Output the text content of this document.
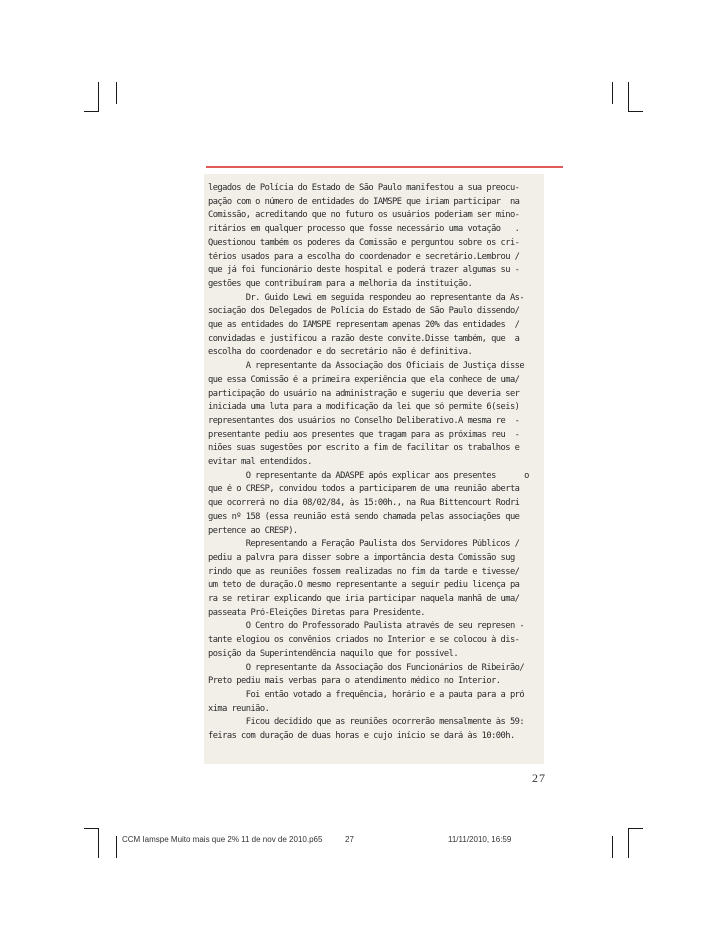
legados de Polícia do Estado de São Paulo manifestou a sua preocu-
pação com o número de entidades do IAMSPE que iriam participar  na
Comissão, acreditando que no futuro os usuários poderiam ser mino-
ritários em qualquer processo que fosse necessário uma votação   .
Questionou também os poderes da Comissão e perguntou sobre os cri-
térios usados para a escolha do coordenador e secretário.Lembrou /
que já foi funcionário deste hospital e poderá trazer algumas su -
gestões que contribuíram para a melhoria da instituição.
Dr. Guido Lewi em seguida respondeu ao representante da As-
sociação dos Delegados de Polícia do Estado de São Paulo dissendo/
que as entidades do IAMSPE representam apenas 20% das entidades  /
convidadas e justificou a razão deste convite.Disse também, que  a
escolha do coordenador e do secretário não é definitiva.
A representante da Associação dos Oficiais de Justiça disse
que essa Comissão é a primeira experiência que ela conhece de uma/
participação do usuário na administração e sugeriu que deveria ser
iniciada uma luta para a modificação da lei que só permite 6(seis)
representantes dos usuários no Conselho Deliberativo.A mesma re  -
presentante pediu aos presentes que tragam para as próximas reu  -
niões suas sugestões por escrito a fim de facilitar os trabalhos e
evitar mal entendidos.
O representante da ADASPE após explicar aos presentes      o
que é o CRESP, convidou todos a participarem de uma reunião aberta
que ocorrerá no dia 08/02/84, às 15:00h., na Rua Bittencourt Rodri
gues nº 158 (essa reunião está sendo chamada pelas associações que
pertence ao CRESP).
Representando a Feração Paulista dos Servidores Públicos /
pediu a palvra para disser sobre a importância desta Comissão sug
rindo que as reuniões fossem realizadas no fim da tarde e tivesse/
um teto de duração.O mesmo representante a seguir pediu licença pa
ra se retirar explicando que iria participar naquela manhã de uma/
passeata Pró-Eleições Diretas para Presidente.
O Centro do Professorado Paulista através de seu represen -
tante elogiou os convênios criados no Interior e se colocou à dis-
posição da Superintendência naquilo que for possível.
O representante da Associação dos Funcionários de Ribeirão/
Preto pediu mais verbas para o atendimento médico no Interior.
Foi então votado a frequência, horário e a pauta para a pró
xima reunião.
Ficou decidido que as reuniões ocorrerão mensalmente às 59:
feiras com duração de duas horas e cujo início se dará às 10:00h.
27
CCM Iamspe Muito mais que 2% 11 de nov de 2010.p65	27	11/11/2010, 16:59
